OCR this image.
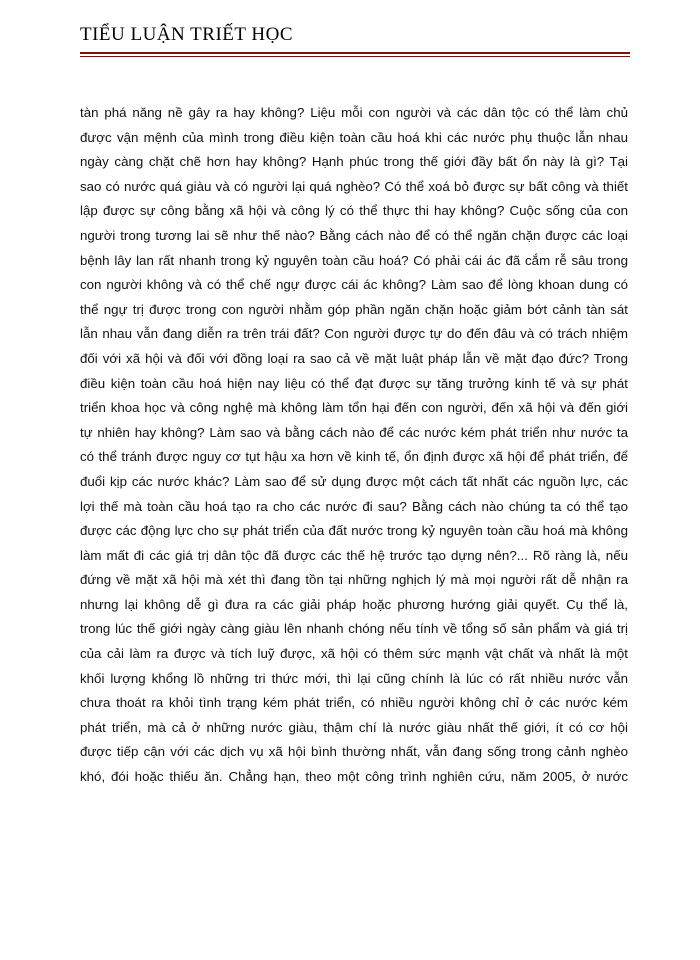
TIỂU LUẬN TRIẾT HỌC
tàn phá năng nề gây ra hay không? Liệu mỗi con người và các dân tộc có thể làm chủ
được vận mệnh của mình trong điều kiện toàn cầu hoá khi các nước phụ thuộc lẫn nhau
ngày càng chặt chẽ hơn hay không? Hạnh phúc trong thế giới đầy bất ổn này là gì? Tại
sao có nước quá giàu và có người lại quá nghèo? Có thể xoá bỏ được sự bất công và thiết
lập được sự công bằng xã hội và công lý có thể thực thi hay không? Cuộc sống của con
người trong tương lai sẽ như thế nào? Bằng cách nào để có thể ngăn chặn được các loại
bệnh lây lan rất nhanh trong kỷ nguyên toàn cầu hoá? Có phải cái ác đã cắm rễ sâu trong
con người không và có thể chế ngự được cái ác không? Làm sao để lòng khoan dung có
thể ngự trị được trong con người nhằm góp phần ngăn chặn hoặc giảm bớt cảnh tàn sát
lẫn nhau vẫn đang diễn ra trên trái đất? Con người được tự do đến đâu và có trách nhiệm
đối với xã hội và đối với đồng loại ra sao cả về mặt luật pháp lẫn về mặt đạo đức? Trong
điều kiện toàn cầu hoá hiện nay liệu có thể đạt được sự tăng trưởng kinh tế và sự phát
triển khoa học và công nghệ mà không làm tổn hại đến con người, đến xã hội và đến giới
tự nhiên hay không? Làm sao và bằng cách nào để các nước kém phát triển như nước ta
có thể tránh được nguy cơ tụt hậu xa hơn về kinh tế, ổn định được xã hội để phát triển, để
đuổi kịp các nước khác? Làm sao để sử dụng được một cách tất nhất các nguồn lực, các
lợi thế mà toàn cầu hoá tạo ra cho các nước đi sau? Bằng cách nào chúng ta có thể tạo
được các động lực cho sự phát triển của đất nước trong kỷ nguyên toàn cầu hoá mà không
làm mất đi các giá trị dân tộc đã được các thế hệ trước tạo dựng nên?... Rõ ràng là, nếu
đứng về mặt xã hội mà xét thì đang tồn tại những nghịch lý mà mọi người rất dễ nhận ra
nhưng lại không dễ gì đưa ra các giải pháp hoặc phương hướng giải quyết. Cụ thể là,
trong lúc thế giới ngày càng giàu lên nhanh chóng nếu tính về tổng số sản phẩm và giá trị
của cải làm ra được và tích luỹ được, xã hội có thêm sức mạnh vật chất và nhất là một
khối lượng khổng lồ những tri thức mới, thì lại cũng chính là lúc có rất nhiều nước vẫn
chưa thoát ra khỏi tình trạng kém phát triển, có nhiều người không chỉ ở các nước kém
phát triển, mà cả ở những nước giàu, thậm chí là nước giàu nhất thế giới, ít có cơ hội
được tiếp cận với các dịch vụ xã hội bình thường nhất, vẫn đang sống trong cảnh nghèo
khó, đói hoặc thiếu ăn. Chẳng hạn, theo một công trình nghiên cứu, năm 2005, ở nước
